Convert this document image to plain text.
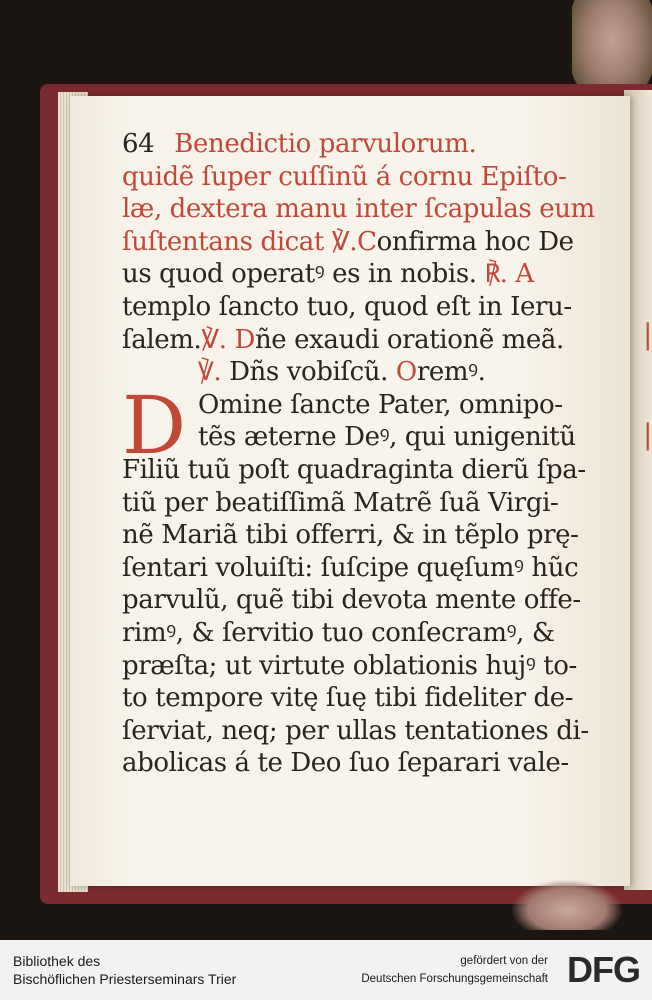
|
|
64 Benedictio parvulorum.
quidẽ ſuper cuſſinũ á cornu Epiſto-
læ, dextera manu inter ſcapulas eum
ſuſtentans dicat ℣.Confirma hoc De
us quod operatꝰ es in nobis. ℟. A
templo ſancto tuo, quod eſt in Ieru-
ſalem.℣. Dñe exaudi orationẽ meã.
℣. Dñs vobiſcũ. Oremꝰ.
D Omine ſancte Pater, omnipo-
tẽs æterne Deꝰ, qui unigenitũ
Filiũ tuũ poſt quadraginta dierũ ſpa-
tiũ per beatiſſimã Matrẽ ſuã Virgi-
nẽ Mariã tibi offerri, & in tẽplo prę-
ſentari voluiſti: ſuſcipe quęſumꝰ hũc
parvulũ, quẽ tibi devota mente offe-
rimꝰ, & ſervitio tuo conſecramꝰ, &
præſta; ut virtute oblationis hujꝰ to-
to tempore vitę ſuę tibi fideliter de-
ſerviat, neq; per ullas tentationes di-
abolicas á te Deo ſuo ſeparari vale-
Bibliothek des
Bischöflichen Priesterseminars Trier
gefördert von der
Deutschen Forschungsgemeinschaft DFG
